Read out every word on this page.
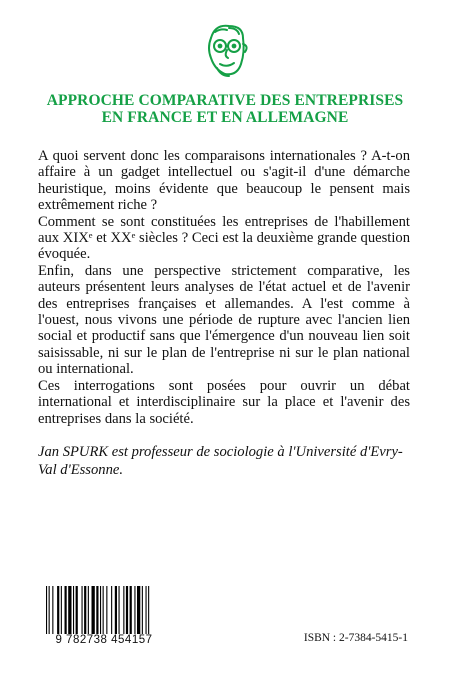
APPROCHE COMPARATIVE DES ENTREPRISES
EN FRANCE ET EN ALLEMAGNE

A quoi servent donc les comparaisons internationales ? A-t-on affaire à un gadget intellectuel ou s'agit-il d'une démarche heuristique, moins évidente que beaucoup le pensent mais extrêmement riche ?

Comment se sont constituées les entreprises de l'habillement aux XIXᵉ et XXᵉ siècles ? Ceci est la deuxième grande question évoquée.

Enfin, dans une perspective strictement comparative, les auteurs présentent leurs analyses de l'état actuel et de l'avenir des entreprises françaises et allemandes. A l'est comme à l'ouest, nous vivons une période de rupture avec l'ancien lien social et productif sans que l'émergence d'un nouveau lien soit saisissable, ni sur le plan de l'entreprise ni sur le plan national ou international.

Ces interrogations sont posées pour ouvrir un débat international et interdisciplinaire sur la place et l'avenir des entreprises dans la société.

Jan SPURK est professeur de sociologie à l'Université d'Evry-Val d'Essonne.
9 782738 454157	ISBN : 2-7384-5415-1
